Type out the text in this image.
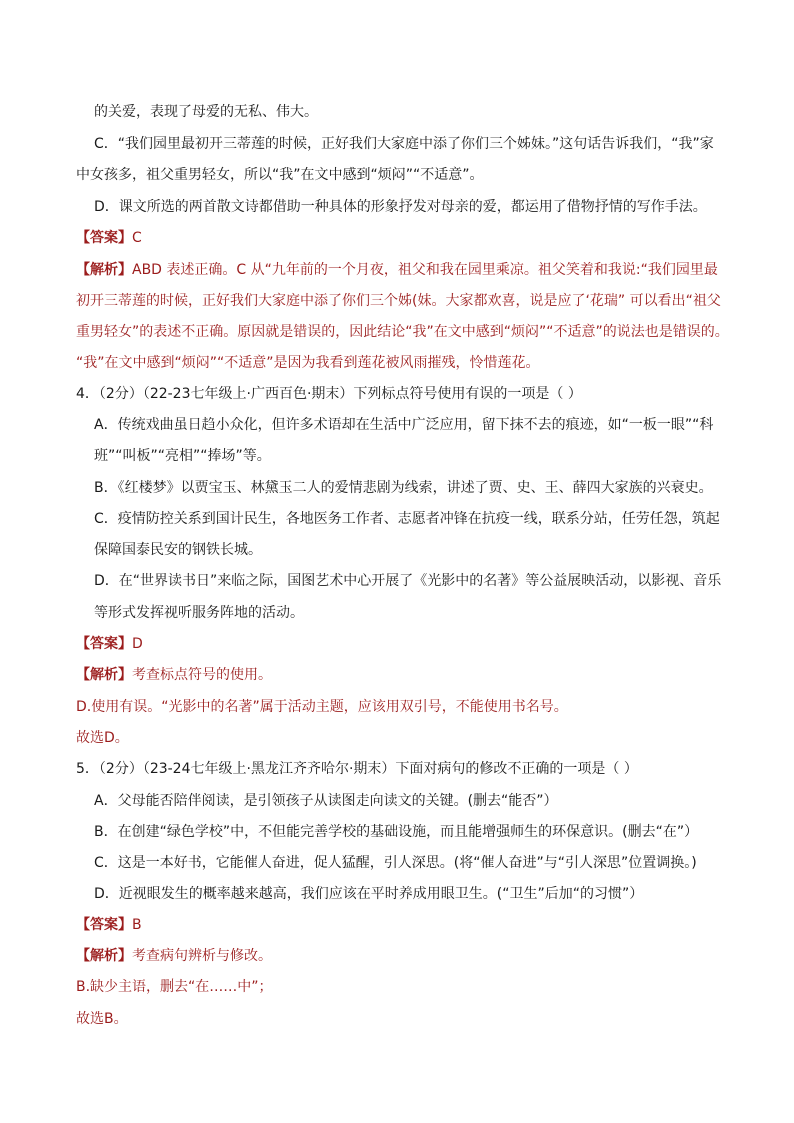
的关爱，表现了母爱的无私、伟大。
C．“我们园里最初开三蒂莲的时候，正好我们大家庭中添了你们三个姊妹。”这句话告诉我们，“我”家
中女孩多，祖父重男轻女，所以“我”在文中感到“烦闷”“不适意”。
D．课文所选的两首散文诗都借助一种具体的形象抒发对母亲的爱，都运用了借物抒情的写作手法。
【答案】C
【解析】ABD 表述正确。C 从“九年前的一个月夜，祖父和我在园里乘凉。祖父笑着和我说:“我们园里最
初开三蒂莲的时候，正好我们大家庭中添了你们三个姊(妹。大家都欢喜，说是应了‘花瑞” 可以看出“祖父
重男轻女”的表述不正确。原因就是错误的，因此结论“我”在文中感到“烦闷”“不适意”的说法也是错误的。
“我”在文中感到“烦闷”“不适意”是因为我看到莲花被风雨摧残，怜惜莲花。
4．（2分）（22-23七年级上·广西百色·期末）下列标点符号使用有误的一项是（ ）
A．传统戏曲虽日趋小众化，但许多术语却在生活中广泛应用，留下抹不去的痕迹，如“一板一眼”“科
班”“叫板”“亮相”“捧场”等。
B．《红楼梦》以贾宝玉、林黛玉二人的爱情悲剧为线索，讲述了贾、史、王、薛四大家族的兴衰史。
C．疫情防控关系到国计民生，各地医务工作者、志愿者冲锋在抗疫一线，联系分站，任劳任怨，筑起
保障国泰民安的钢铁长城。
D．在“世界读书日”来临之际，国图艺术中心开展了《光影中的名著》等公益展映活动，以影视、音乐
等形式发挥视听服务阵地的活动。
【答案】D
【解析】考查标点符号的使用。
D.使用有误。“光影中的名著”属于活动主题，应该用双引号，不能使用书名号。
故选D。
5．（2分）（23-24七年级上·黑龙江齐齐哈尔·期末）下面对病句的修改不正确的一项是（ ）
A．父母能否陪伴阅读，是引领孩子从读图走向读文的关键。(删去“能否”）
B．在创建“绿色学校”中，不但能完善学校的基础设施，而且能增强师生的环保意识。(删去“在”）
C．这是一本好书，它能催人奋进，促人猛醒，引人深思。(将“催人奋进”与“引人深思”位置调换。)
D．近视眼发生的概率越来越高，我们应该在平时养成用眼卫生。(“卫生”后加“的习惯”）
【答案】B
【解析】考查病句辨析与修改。
B.缺少主语，删去“在……中”；
故选B。
